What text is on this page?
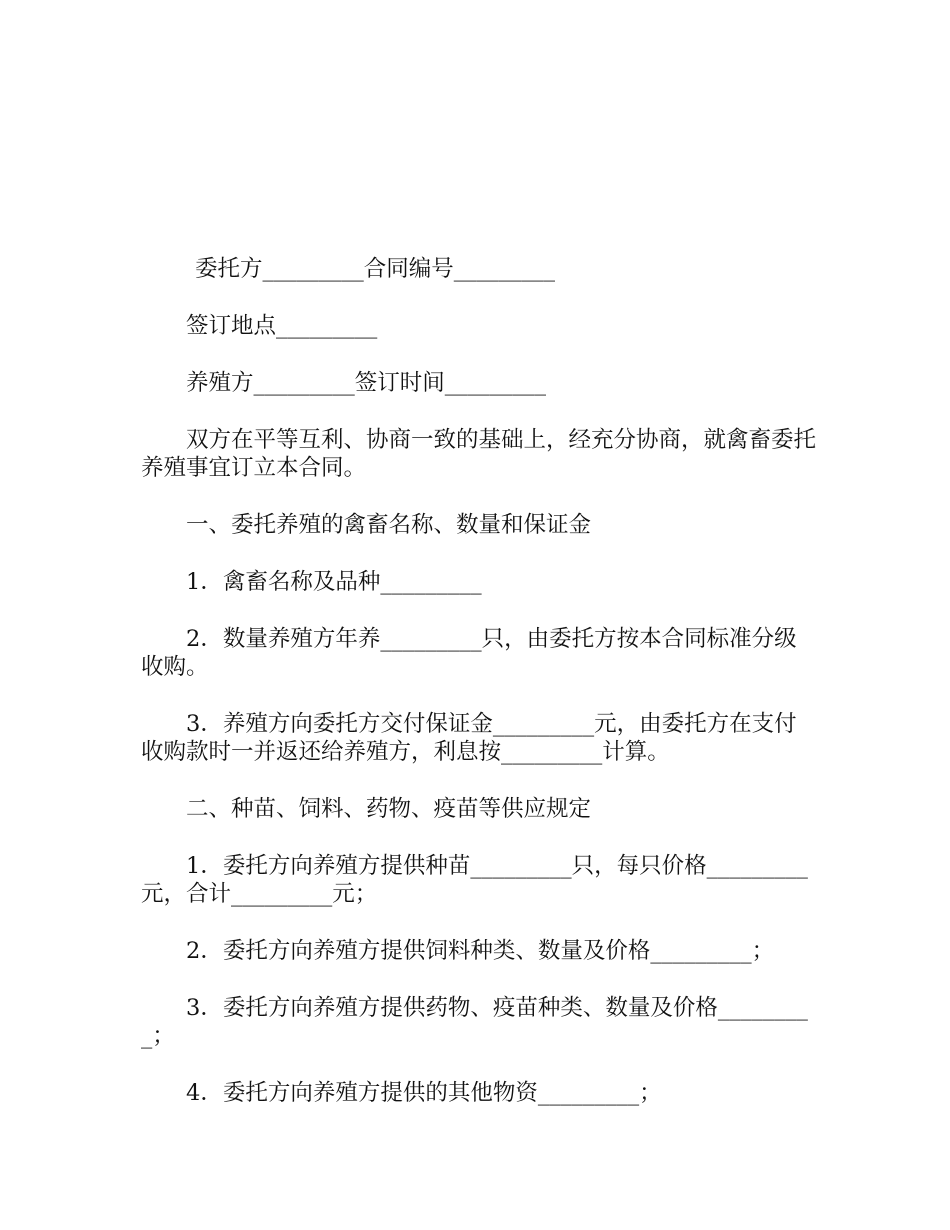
委托方_________合同编号_________

签订地点_________

养殖方_________签订时间_________

双方在平等互利、协商一致的基础上，经充分协商，就禽畜委托养殖事宜订立本合同。

一、委托养殖的禽畜名称、数量和保证金

1．禽畜名称及品种_________

2．数量养殖方年养_________只，由委托方按本合同标准分级收购。

3．养殖方向委托方交付保证金_________元，由委托方在支付收购款时一并返还给养殖方，利息按_________计算。

二、种苗、饲料、药物、疫苗等供应规定

1．委托方向养殖方提供种苗_________只，每只价格_________元，合计_________元；

2．委托方向养殖方提供饲料种类、数量及价格_________；

3．委托方向养殖方提供药物、疫苗种类、数量及价格_________；

4．委托方向养殖方提供的其他物资_________；
